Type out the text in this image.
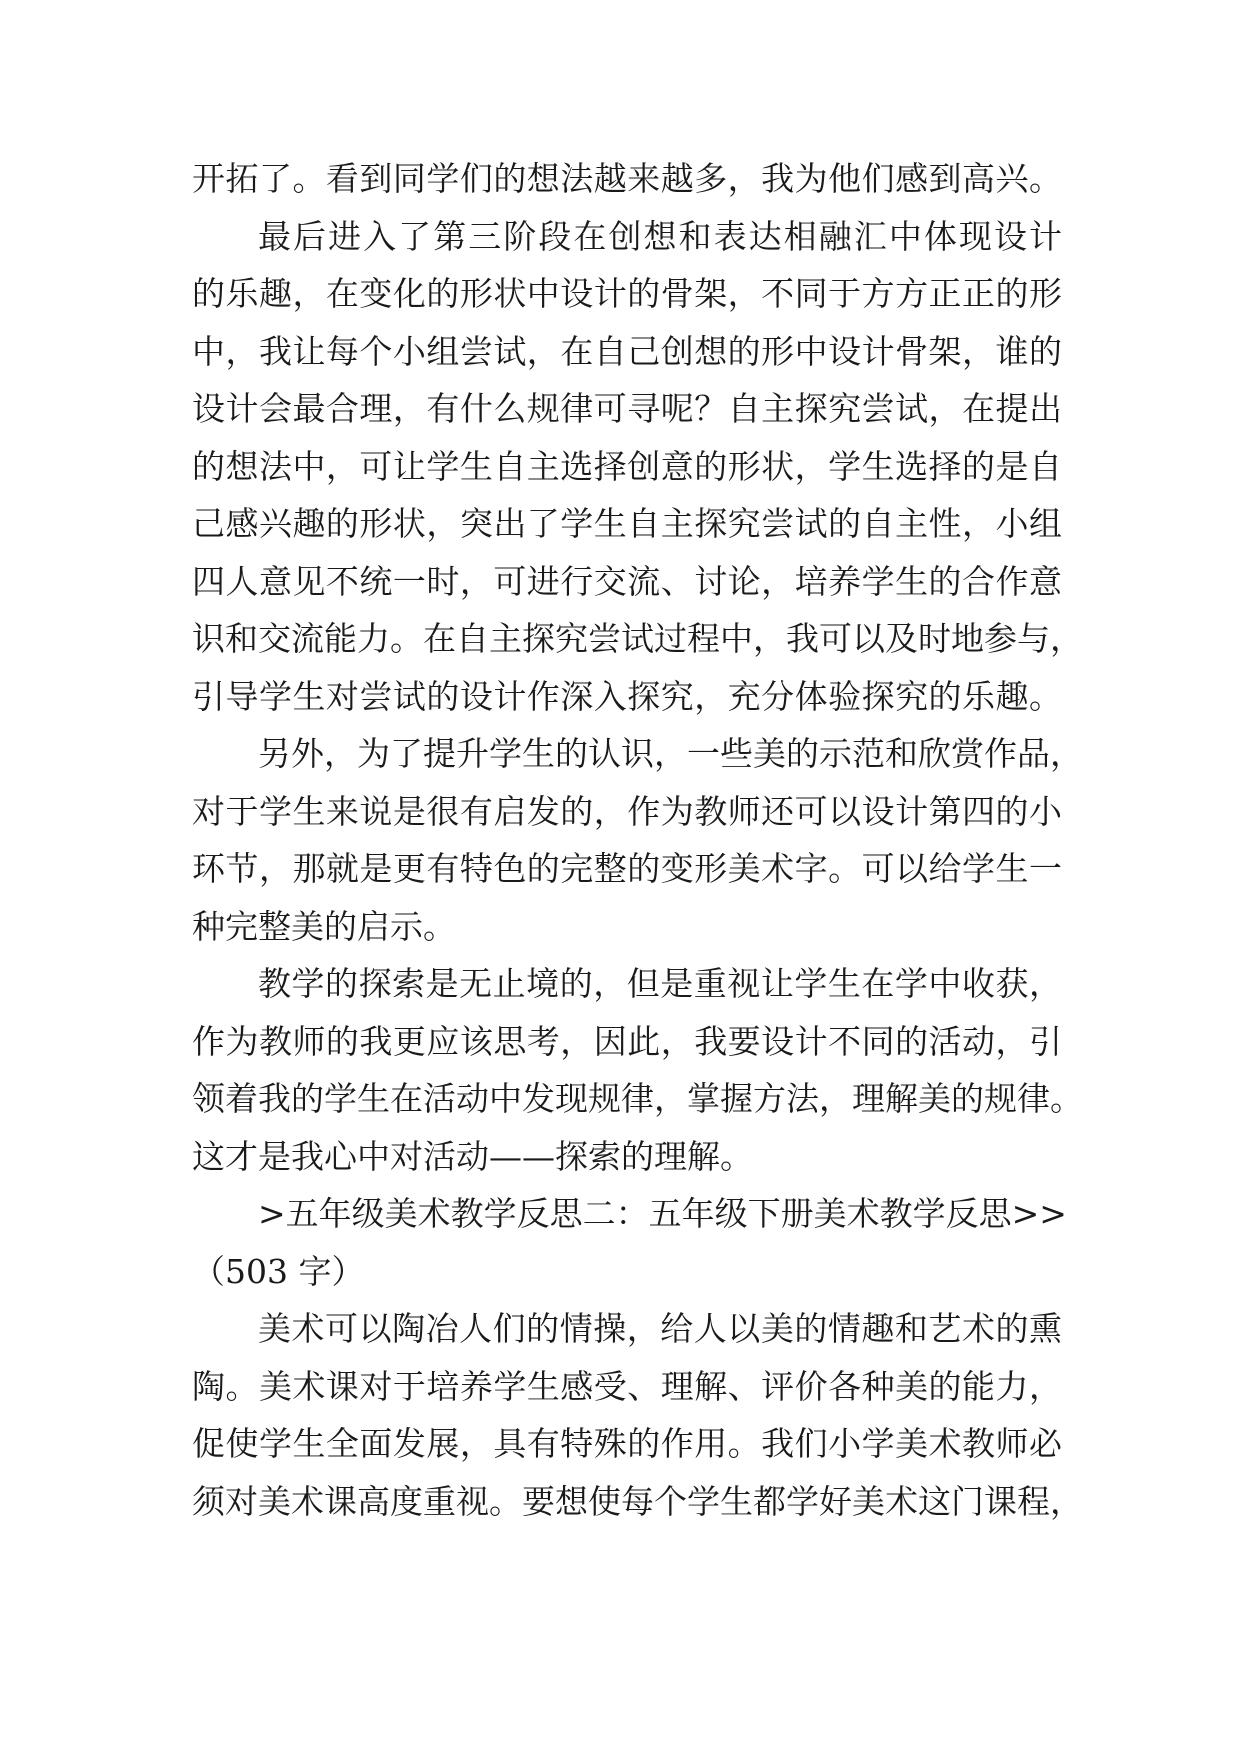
开拓了。看到同学们的想法越来越多，我为他们感到高兴。
最后进入了第三阶段在创想和表达相融汇中体现设计
的乐趣，在变化的形状中设计的骨架，不同于方方正正的形
中，我让每个小组尝试，在自己创想的形中设计骨架，谁的
设计会最合理，有什么规律可寻呢？自主探究尝试，在提出
的想法中，可让学生自主选择创意的形状，学生选择的是自
己感兴趣的形状，突出了学生自主探究尝试的自主性，小组
四人意见不统一时，可进行交流、讨论，培养学生的合作意
识和交流能力。在自主探究尝试过程中，我可以及时地参与，
引导学生对尝试的设计作深入探究，充分体验探究的乐趣。
另外，为了提升学生的认识，一些美的示范和欣赏作品，
对于学生来说是很有启发的，作为教师还可以设计第四的小
环节，那就是更有特色的完整的变形美术字。可以给学生一
种完整美的启示。
教学的探索是无止境的，但是重视让学生在学中收获，
作为教师的我更应该思考，因此，我要设计不同的活动，引
领着我的学生在活动中发现规律，掌握方法，理解美的规律。
这才是我心中对活动——探索的理解。
>五年级美术教学反思二：五年级下册美术教学反思>>
（503 字）
美术可以陶冶人们的情操，给人以美的情趣和艺术的熏
陶。美术课对于培养学生感受、理解、评价各种美的能力，
促使学生全面发展，具有特殊的作用。我们小学美术教师必
须对美术课高度重视。要想使每个学生都学好美术这门课程，
